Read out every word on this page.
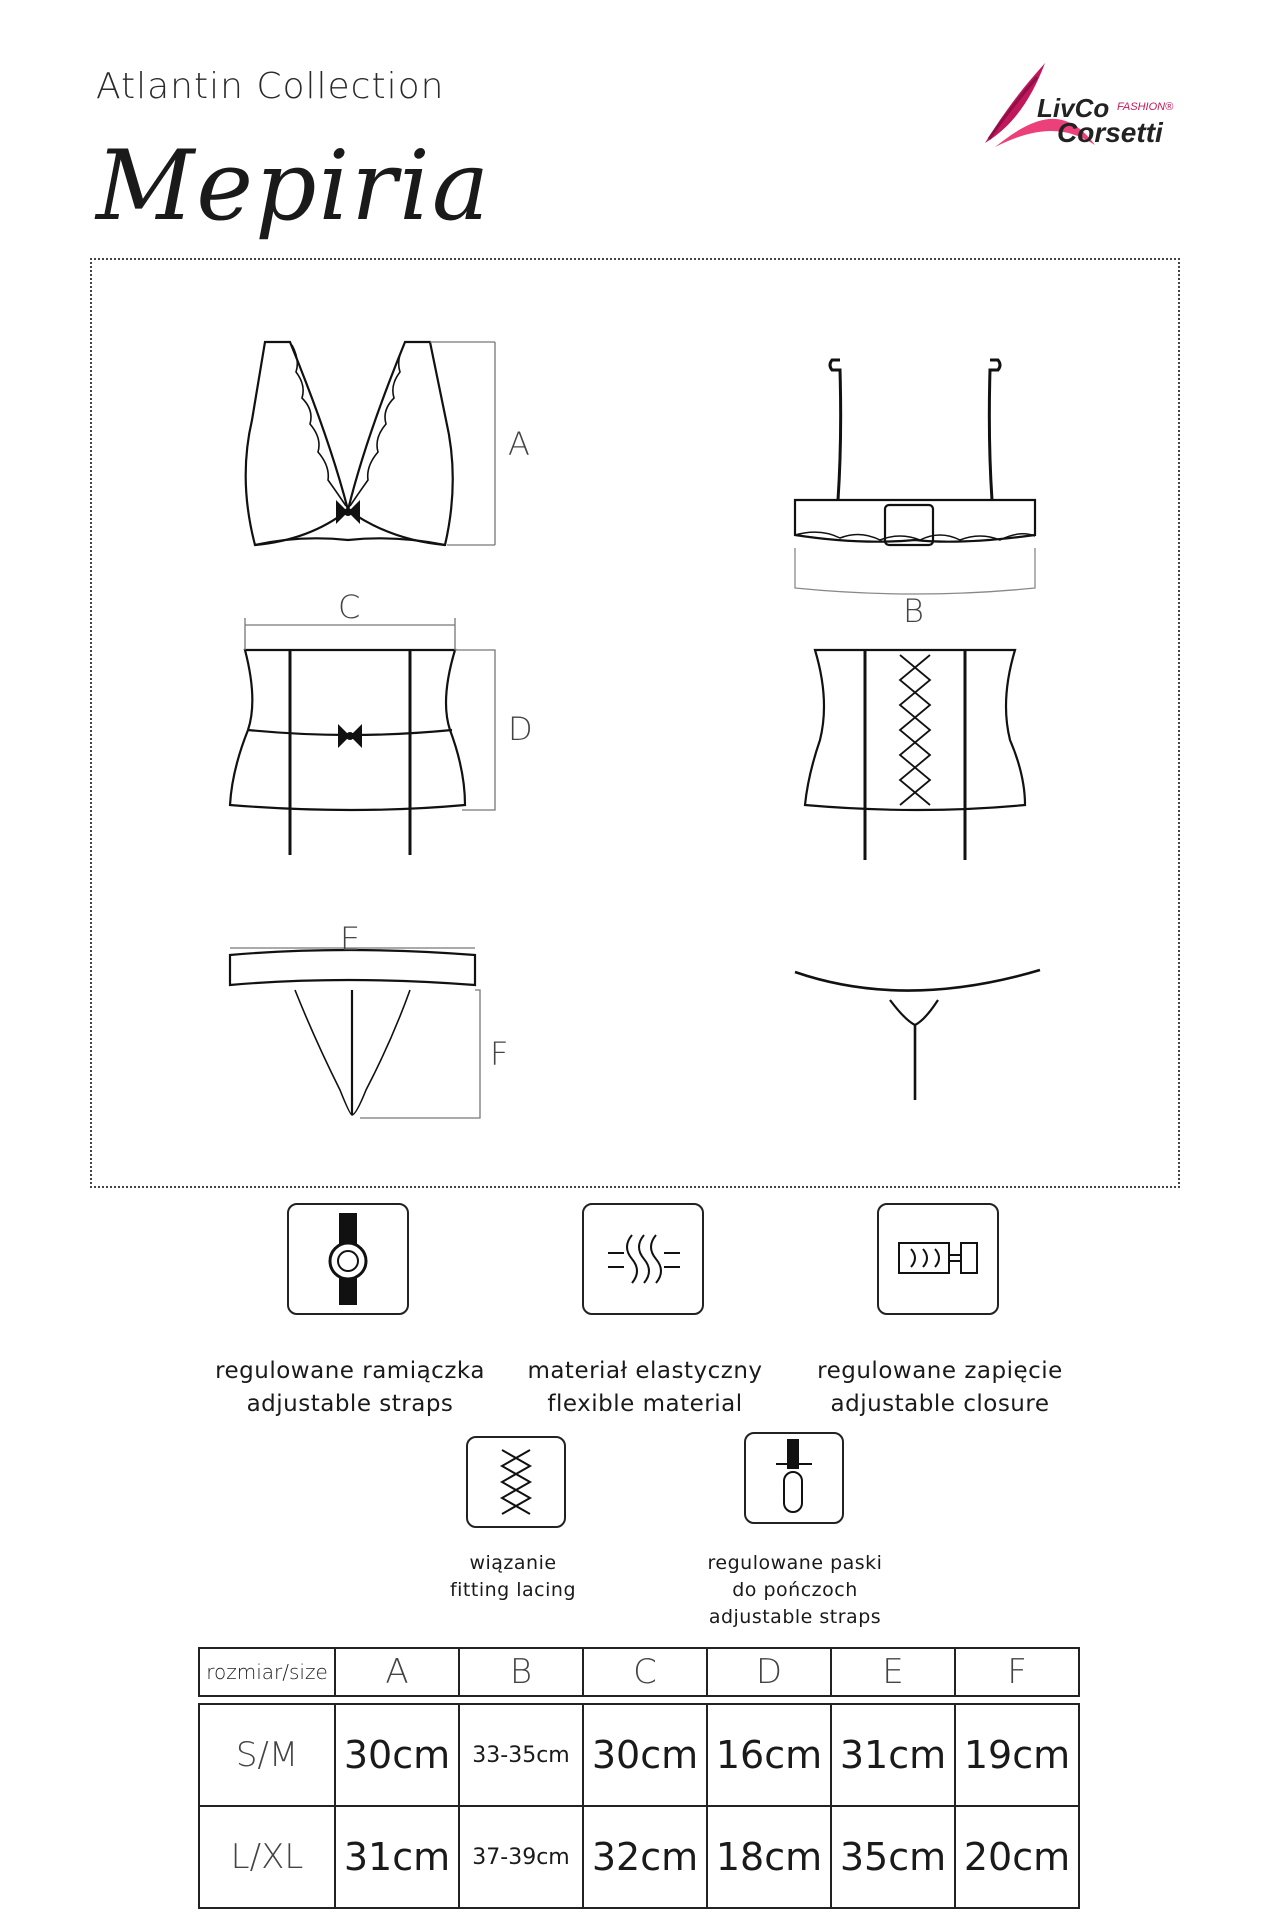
Atlantin Collection
Mepiria
LivCo FASHION®
Corsetti
A
B
C
D
E
F
regulowane ramiączka
adjustable straps
materiał elastyczny
flexible material
regulowane zapięcie
adjustable closure
wiązanie
fitting lacing
regulowane paski
do pończoch
adjustable straps
rozmiar/size	A	B	C	D	E	F

S/M	30cm	33-35cm	30cm	16cm	31cm	19cm
L/XL	31cm	37-39cm	32cm	18cm	35cm	20cm
